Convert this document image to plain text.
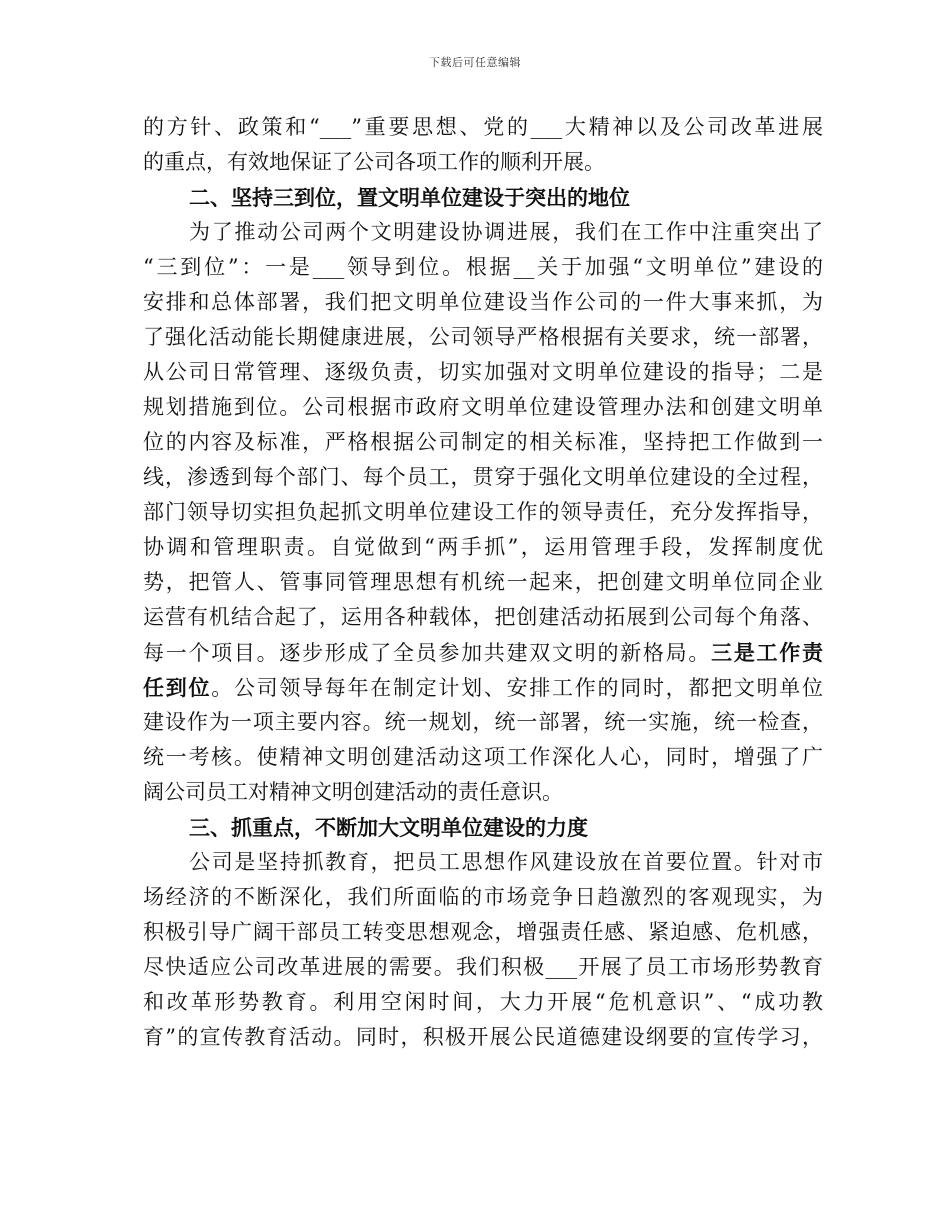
下载后可任意编辑
的方针、政策和“___”重要思想、党的___大精神以及公司改革进展
的重点，有效地保证了公司各项工作的顺利开展。
二、坚持三到位，置文明单位建设于突出的地位
为了推动公司两个文明建设协调进展，我们在工作中注重突出了
“三到位”：一是___领导到位。根据__关于加强“文明单位”建设的
安排和总体部署，我们把文明单位建设当作公司的一件大事来抓，为
了强化活动能长期健康进展，公司领导严格根据有关要求，统一部署，
从公司日常管理、逐级负责，切实加强对文明单位建设的指导；二是
规划措施到位。公司根据市政府文明单位建设管理办法和创建文明单
位的内容及标准，严格根据公司制定的相关标准，坚持把工作做到一
线，渗透到每个部门、每个员工，贯穿于强化文明单位建设的全过程，
部门领导切实担负起抓文明单位建设工作的领导责任，充分发挥指导，
协调和管理职责。自觉做到“两手抓”，运用管理手段，发挥制度优
势，把管人、管事同管理思想有机统一起来，把创建文明单位同企业
运营有机结合起了，运用各种载体，把创建活动拓展到公司每个角落、
每一个项目。逐步形成了全员参加共建双文明的新格局。三是工作责
任到位。公司领导每年在制定计划、安排工作的同时，都把文明单位
建设作为一项主要内容。统一规划，统一部署，统一实施，统一检查，
统一考核。使精神文明创建活动这项工作深化人心，同时，增强了广
阔公司员工对精神文明创建活动的责任意识。
三、抓重点，不断加大文明单位建设的力度
公司是坚持抓教育，把员工思想作风建设放在首要位置。针对市
场经济的不断深化，我们所面临的市场竞争日趋激烈的客观现实，为
积极引导广阔干部员工转变思想观念，增强责任感、紧迫感、危机感，
尽快适应公司改革进展的需要。我们积极___开展了员工市场形势教育
和改革形势教育。利用空闲时间，大力开展“危机意识”、“成功教
育”的宣传教育活动。同时，积极开展公民道德建设纲要的宣传学习，
